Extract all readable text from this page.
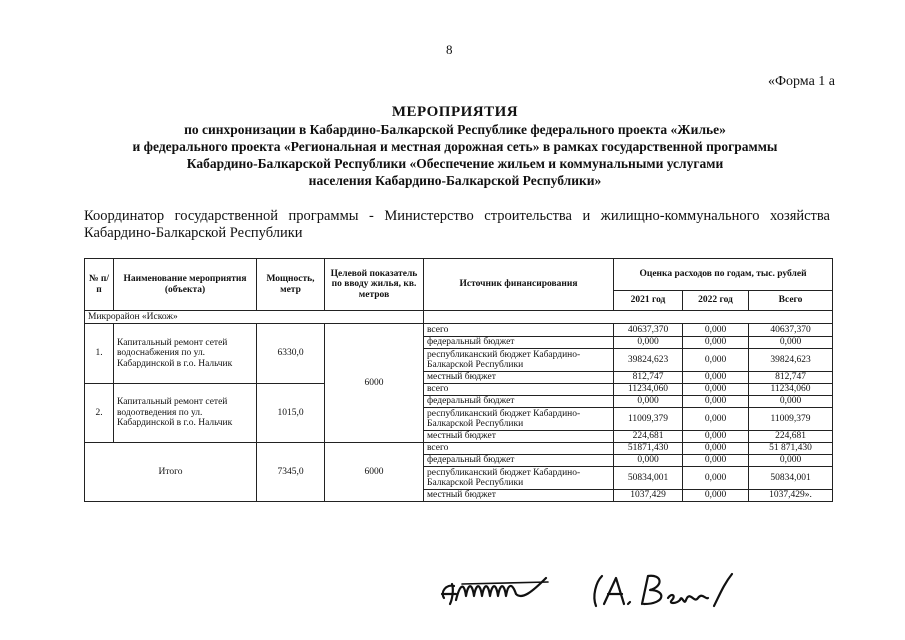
8
«Форма 1 а
МЕРОПРИЯТИЯ
по синхронизации в Кабардино-Балкарской Республике федерального проекта «Жилье»
и федерального проекта «Региональная и местная дорожная сеть» в рамках государственной программы
Кабардино-Балкарской Республики «Обеспечение жильем и коммунальными услугами
населения Кабардино-Балкарской Республики»
Координатор государственной программы - Министерство строительства и жилищно-коммунального хозяйства Кабардино-Балкарской Республики
№ п/п	Наименование мероприятия (объекта)	Мощность, метр	Целевой показатель по вводу жилья, кв. метров	Источник финансирования	Оценка расходов по годам, тыс. рублей		
					2021 год	2022 год	Всего
Микрорайон «Искож»							
1.	Капитальный ремонт сетей водоснабжения по ул. Кабардинской в г.о. Нальчик	6330,0	6000	всего	40637,370	0,000	40637,370
				федеральный бюджет	0,000	0,000	0,000
				республиканский бюджет Кабардино-Балкарской Республики	39824,623	0,000	39824,623
				местный бюджет	812,747	0,000	812,747
2.	Капитальный ремонт сетей водоотведения по ул. Кабардинской в г.о. Нальчик	1015,0		всего	11234,060	0,000	11234,060
				федеральный бюджет	0,000	0,000	0,000
				республиканский бюджет Кабардино-Балкарской Республики	11009,379	0,000	11009,379
				местный бюджет	224,681	0,000	224,681
Итого		7345,0	6000	всего	51871,430	0,000	51 871,430
				федеральный бюджет	0,000	0,000	0,000
				республиканский бюджет Кабардино-Балкарской Республики	50834,001	0,000	50834,001
				местный бюджет	1037,429	0,000	1037,429».
